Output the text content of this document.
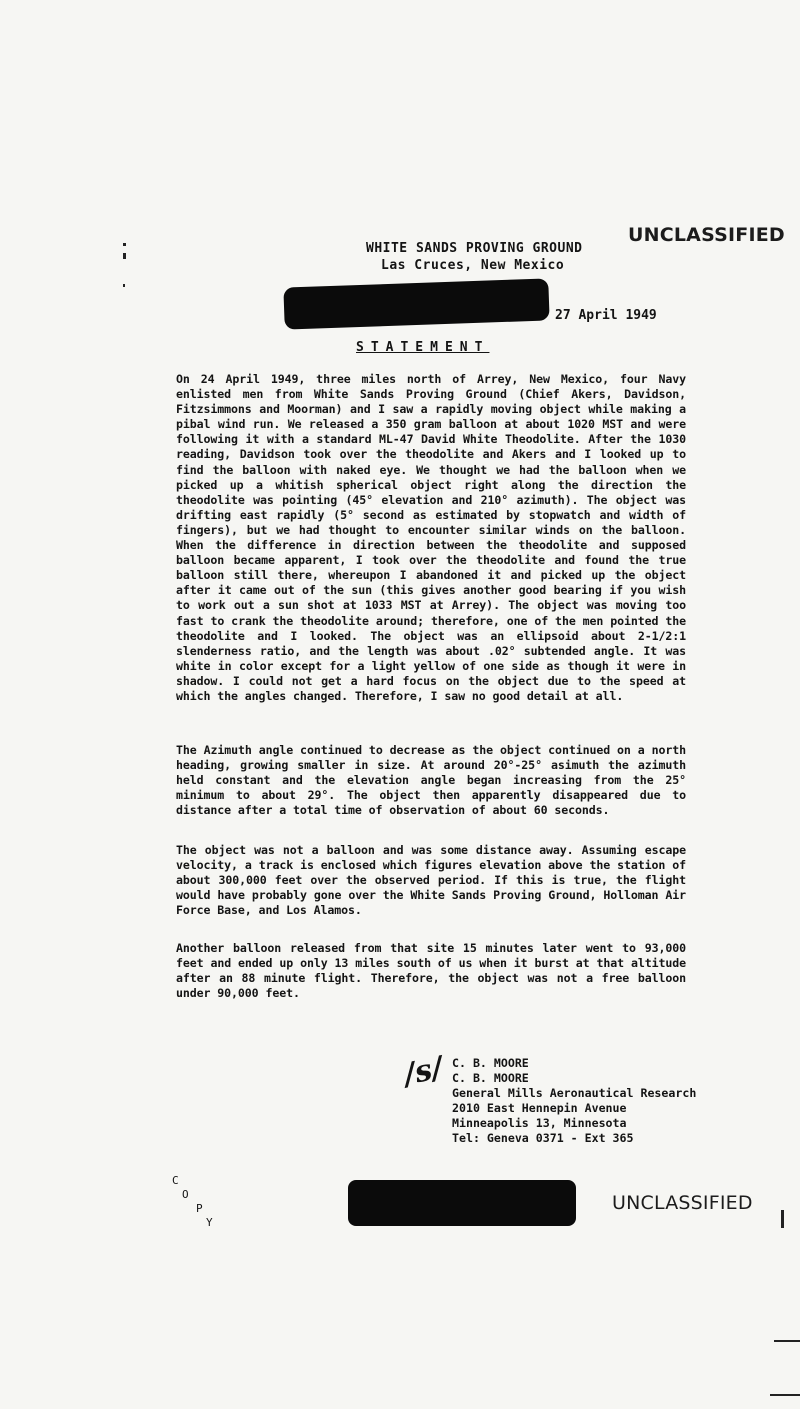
UNCLASSIFIED
WHITE SANDS PROVING GROUND
Las Cruces, New Mexico
27 April 1949
STATEMENT

On 24 April 1949, three miles north of Arrey, New Mexico, four Navy enlisted men from White Sands Proving Ground (Chief Akers, Davidson, Fitzsimmons and Moorman) and I saw a rapidly moving object while making a pibal wind run. We released a 350 gram balloon at about 1020 MST and were following it with a standard ML-47 David White Theodolite. After the 1030 reading, Davidson took over the theodolite and Akers and I looked up to find the balloon with naked eye. We thought we had the balloon when we picked up a whitish spherical object right along the direction the theodolite was pointing (45° elevation and 210° azimuth). The object was drifting east rapidly (5° second as estimated by stopwatch and width of fingers), but we had thought to encounter similar winds on the balloon. When the difference in direction between the theodolite and supposed balloon became apparent, I took over the theodolite and found the true balloon still there, whereupon I abandoned it and picked up the object after it came out of the sun (this gives another good bearing if you wish to work out a sun shot at 1033 MST at Arrey). The object was moving too fast to crank the theodolite around; therefore, one of the men pointed the theodolite and I looked. The object was an ellipsoid about 2-1/2:1 slenderness ratio, and the length was about .02° subtended angle. It was white in color except for a light yellow of one side as though it were in shadow. I could not get a hard focus on the object due to the speed at which the angles changed. Therefore, I saw no good detail at all.

The Azimuth angle continued to decrease as the object continued on a north heading, growing smaller in size. At around 20°-25° asimuth the azimuth held constant and the elevation angle began increasing from the 25° minimum to about 29°. The object then apparently disappeared due to distance after a total time of observation of about 60 seconds.

The object was not a balloon and was some distance away. Assuming escape velocity, a track is enclosed which figures elevation above the station of about 300,000 feet over the observed period. If this is true, the flight would have probably gone over the White Sands Proving Ground, Holloman Air Force Base, and Los Alamos.

Another balloon released from that site 15 minutes later went to 93,000 feet and ended up only 13 miles south of us when it burst at that altitude after an 88 minute flight. Therefore, the object was not a free balloon under 90,000 feet.

/s/ C. B. MOORE
C. B. MOORE
General Mills Aeronautical Research
2010 East Hennepin Avenue
Minneapolis 13, Minnesota
Tel: Geneva 0371 - Ext 365
C
O
P
Y
UNCLASSIFIED
